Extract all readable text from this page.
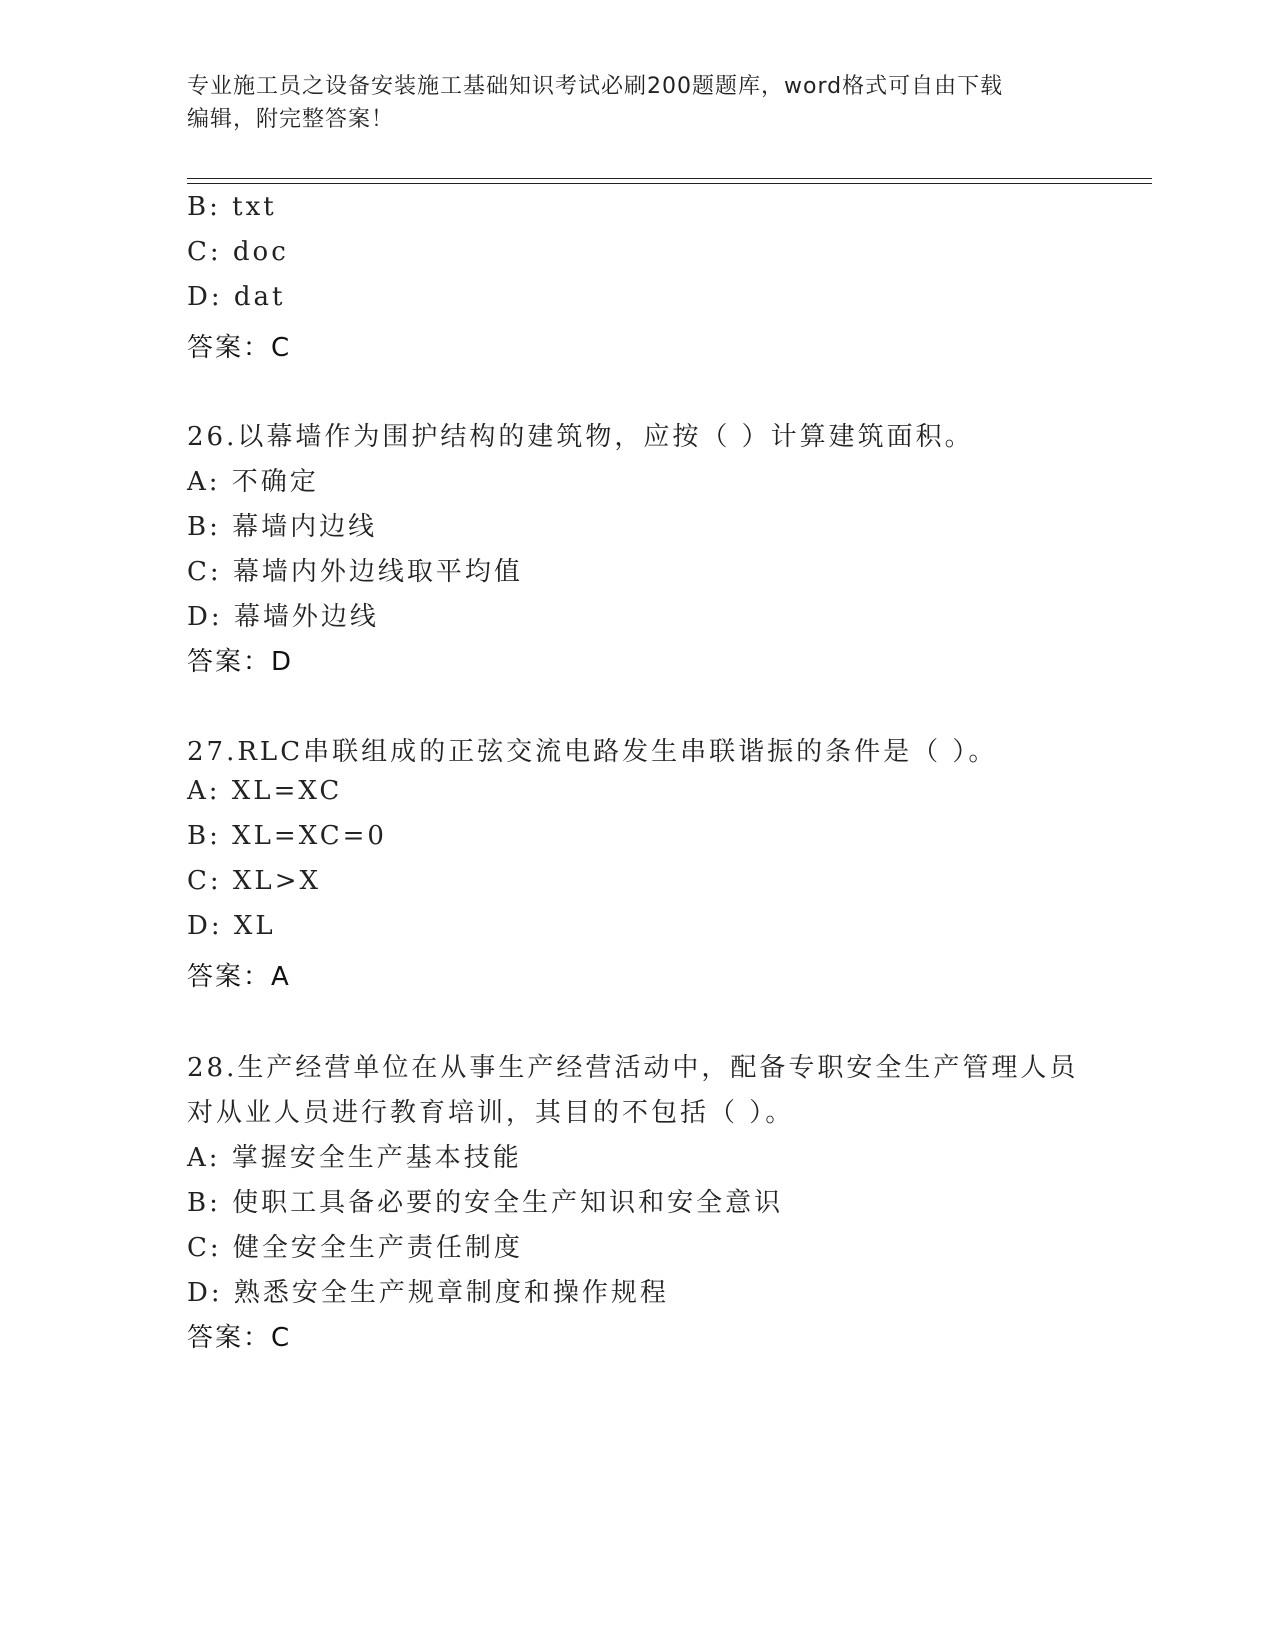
专业施工员之设备安装施工基础知识考试必刷200题题库，word格式可自由下载
编辑，附完整答案！
B: txt
C: doc
D: dat
答案：C
26.以幕墙作为围护结构的建筑物，应按（ ）计算建筑面积。
A: 不确定
B: 幕墙内边线
C: 幕墙内外边线取平均值
D: 幕墙外边线
答案：D
27.RLC串联组成的正弦交流电路发生串联谐振的条件是（ ）。
A: XL=XC
B: XL=XC=0
C: XL>X
D: XL
答案：A
28.生产经营单位在从事生产经营活动中，配备专职安全生产管理人员
对从业人员进行教育培训，其目的不包括（ ）。
A: 掌握安全生产基本技能
B: 使职工具备必要的安全生产知识和安全意识
C: 健全安全生产责任制度
D: 熟悉安全生产规章制度和操作规程
答案：C
